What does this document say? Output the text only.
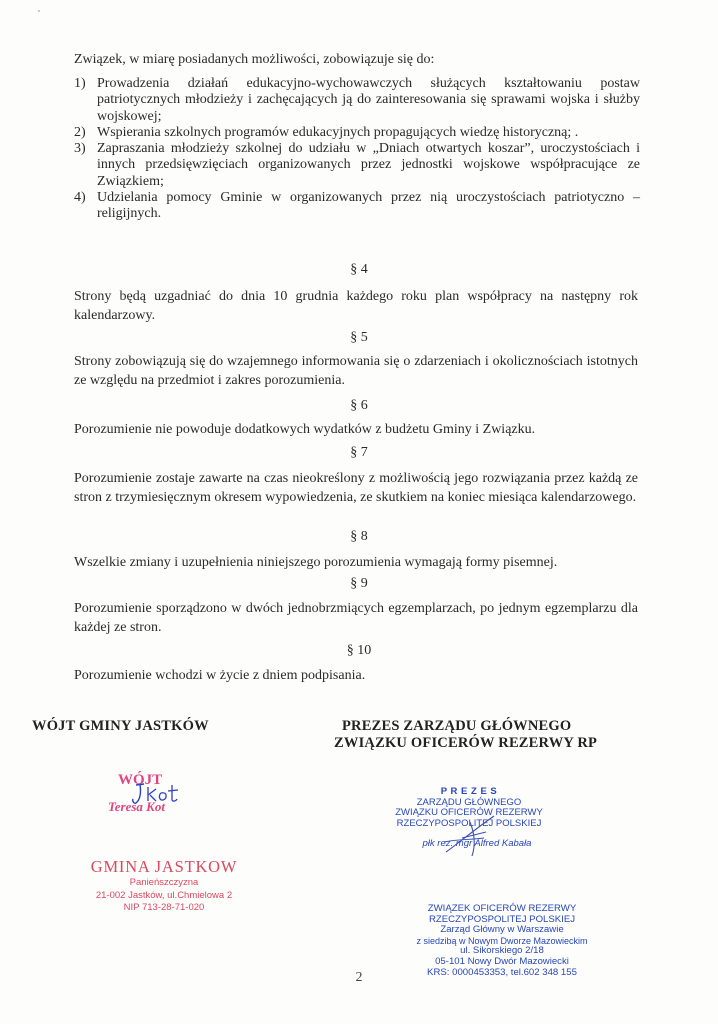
Związek, w miarę posiadanych możliwości, zobowiązuje się do:
1) Prowadzenia działań edukacyjno-wychowawczych służących kształtowaniu postaw patriotycznych młodzieży i zachęcających ją do zainteresowania się sprawami wojska i służby wojskowej;
2) Wspierania szkolnych programów edukacyjnych propagujących wiedzę historyczną; .
3) Zapraszania młodzieży szkolnej do udziału w „Dniach otwartych koszar”, uroczystościach i innych przedsięwzięciach organizowanych przez jednostki wojskowe współpracujące ze Związkiem;
4) Udzielania pomocy Gminie w organizowanych przez nią uroczystościach patriotyczno – religijnych.
§ 4
Strony będą uzgadniać do dnia 10 grudnia każdego roku plan współpracy na następny rok kalendarzowy.
§ 5
Strony zobowiązują się do wzajemnego informowania się o zdarzeniach i okolicznościach istotnych ze względu na przedmiot i zakres porozumienia.
§ 6
Porozumienie nie powoduje dodatkowych wydatków z budżetu Gminy i Związku.
§ 7
Porozumienie zostaje zawarte na czas nieokreślony z możliwością jego rozwiązania przez każdą ze stron z trzymiesięcznym okresem wypowiedzenia, ze skutkiem na koniec miesiąca kalendarzowego.
§ 8
Wszelkie zmiany i uzupełnienia niniejszego porozumienia wymagają formy pisemnej.
§ 9
Porozumienie sporządzono w dwóch jednobrzmiących egzemplarzach, po jednym egzemplarzu dla każdej ze stron.
§ 10
Porozumienie wchodzi w życie z dniem podpisania.
WÓJT GMINY JASTKÓW	PREZES ZARZĄDU GŁÓWNEGO
ZWIĄZKU OFICERÓW REZERWY RP
WÓJT
Teresa Kot
GMINA JASTKOW
Panieńszczyzna
21-002 Jastków, ul.Chmielowa 2
NIP 713-28-71-020
P R E Z E S
ZARZĄDU GŁÓWNEGO
ZWIĄZKU OFICERÓW REZERWY
RZECZYPOSPOLITEJ POLSKIEJ
płk rez. mgr Alfred Kabała
ZWIĄZEK OFICERÓW REZERWY
RZECZYPOSPOLITEJ POLSKIEJ
Zarząd Główny w Warszawie
z siedzibą w Nowym Dworze Mazowieckim
ul. Sikorskiego 2/18
05-101 Nowy Dwór Mazowiecki
KRS: 0000453353, tel.602 348 155
2
